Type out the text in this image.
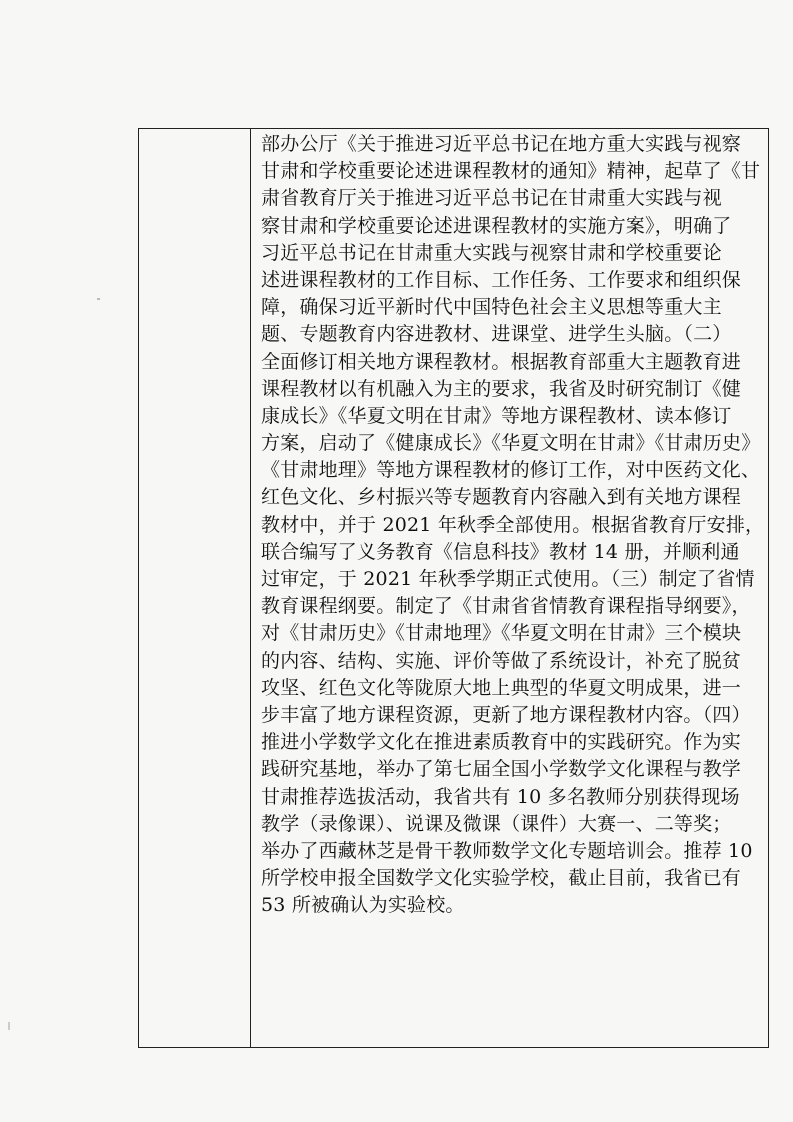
部办公厅《关于推进习近平总书记在地方重大实践与视察
甘肃和学校重要论述进课程教材的通知》精神，起草了《甘
肃省教育厅关于推进习近平总书记在甘肃重大实践与视
察甘肃和学校重要论述进课程教材的实施方案》，明确了
习近平总书记在甘肃重大实践与视察甘肃和学校重要论
述进课程教材的工作目标、工作任务、工作要求和组织保
障，确保习近平新时代中国特色社会主义思想等重大主
题、专题教育内容进教材、进课堂、进学生头脑。（二）
全面修订相关地方课程教材。根据教育部重大主题教育进
课程教材以有机融入为主的要求，我省及时研究制订《健
康成长》《华夏文明在甘肃》等地方课程教材、读本修订
方案，启动了《健康成长》《华夏文明在甘肃》《甘肃历史》
《甘肃地理》等地方课程教材的修订工作，对中医药文化、
红色文化、乡村振兴等专题教育内容融入到有关地方课程
教材中，并于 2021 年秋季全部使用。根据省教育厅安排，
联合编写了义务教育《信息科技》教材 14 册，并顺利通
过审定，于 2021 年秋季学期正式使用。（三）制定了省情
教育课程纲要。制定了《甘肃省省情教育课程指导纲要》，
对《甘肃历史》《甘肃地理》《华夏文明在甘肃》三个模块
的内容、结构、实施、评价等做了系统设计，补充了脱贫
攻坚、红色文化等陇原大地上典型的华夏文明成果，进一
步丰富了地方课程资源，更新了地方课程教材内容。（四）
推进小学数学文化在推进素质教育中的实践研究。作为实
践研究基地，举办了第七届全国小学数学文化课程与教学
甘肃推荐选拔活动，我省共有 10 多名教师分别获得现场
教学（录像课）、说课及微课（课件）大赛一、二等奖；
举办了西藏林芝是骨干教师数学文化专题培训会。推荐 10
所学校申报全国数学文化实验学校，截止目前，我省已有
53 所被确认为实验校。
